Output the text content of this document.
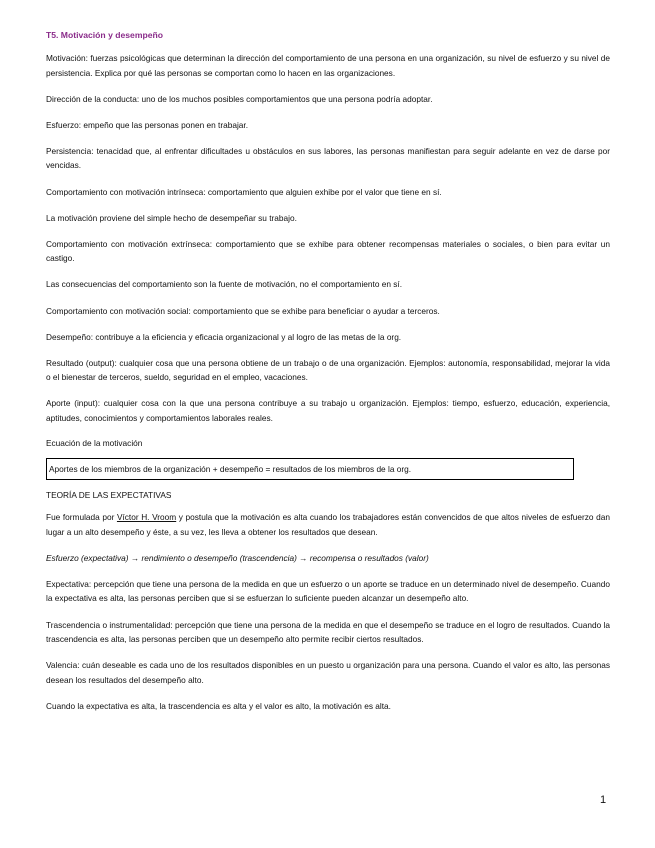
T5. Motivación y desempeño

Motivación: fuerzas psicológicas que determinan la dirección del comportamiento de una persona en una organización, su nivel de esfuerzo y su nivel de persistencia. Explica por qué las personas se comportan como lo hacen en las organizaciones.

Dirección de la conducta: uno de los muchos posibles comportamientos que una persona podría adoptar.

Esfuerzo: empeño que las personas ponen en trabajar.

Persistencia: tenacidad que, al enfrentar dificultades u obstáculos en sus labores, las personas manifiestan para seguir adelante en vez de darse por vencidas.

Comportamiento con motivación intrínseca: comportamiento que alguien exhibe por el valor que tiene en sí.

La motivación proviene del simple hecho de desempeñar su trabajo.

Comportamiento con motivación extrínseca: comportamiento que se exhibe para obtener recompensas materiales o sociales, o bien para evitar un castigo.

Las consecuencias del comportamiento son la fuente de motivación, no el comportamiento en sí.

Comportamiento con motivación social: comportamiento que se exhibe para beneficiar o ayudar a terceros.

Desempeño: contribuye a la eficiencia y eficacia organizacional y al logro de las metas de la org.

Resultado (output): cualquier cosa que una persona obtiene de un trabajo o de una organización. Ejemplos: autonomía, responsabilidad, mejorar la vida o el bienestar de terceros, sueldo, seguridad en el empleo, vacaciones.

Aporte (input): cualquier cosa con la que una persona contribuye a su trabajo u organización. Ejemplos: tiempo, esfuerzo, educación, experiencia, aptitudes, conocimientos y comportamientos laborales reales.

Ecuación de la motivación
Aportes de los miembros de la organización + desempeño = resultados de los miembros de la org.
TEORÍA DE LAS EXPECTATIVAS

Fue formulada por Víctor H. Vroom y postula que la motivación es alta cuando los trabajadores están convencidos de que altos niveles de esfuerzo dan lugar a un alto desempeño y éste, a su vez, les lleva a obtener los resultados que desean.

Esfuerzo (expectativa) → rendimiento o desempeño (trascendencia) → recompensa o resultados (valor)

Expectativa: percepción que tiene una persona de la medida en que un esfuerzo o un aporte se traduce en un determinado nivel de desempeño. Cuando la expectativa es alta, las personas perciben que si se esfuerzan lo suficiente pueden alcanzar un desempeño alto.

Trascendencia o instrumentalidad: percepción que tiene una persona de la medida en que el desempeño se traduce en el logro de resultados. Cuando la trascendencia es alta, las personas perciben que un desempeño alto permite recibir ciertos resultados.

Valencia: cuán deseable es cada uno de los resultados disponibles en un puesto u organización para una persona. Cuando el valor es alto, las personas desean los resultados del desempeño alto.

Cuando la expectativa es alta, la trascendencia es alta y el valor es alto, la motivación es alta.

1
